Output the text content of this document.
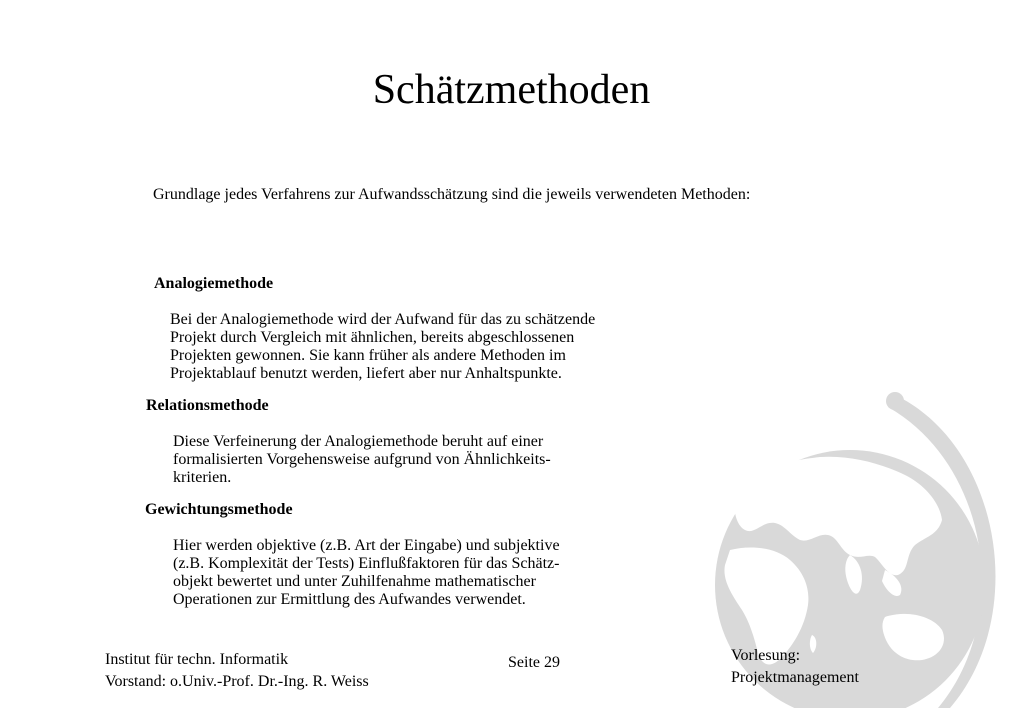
Schätzmethoden
Grundlage jedes Verfahrens zur Aufwandsschätzung sind die jeweils verwendeten Methoden:
Analogiemethode
Bei der Analogiemethode wird der Aufwand für das zu schätzende
Projekt durch Vergleich mit ähnlichen, bereits abgeschlossenen
Projekten gewonnen. Sie kann früher als andere Methoden im
Projektablauf benutzt werden, liefert aber nur Anhaltspunkte.
Relationsmethode
Diese Verfeinerung der Analogiemethode beruht auf einer
formalisierten Vorgehensweise aufgrund von Ähnlichkeits-
kriterien.
Gewichtungsmethode
Hier werden objektive (z.B. Art der Eingabe) und subjektive
(z.B. Komplexität der Tests) Einflußfaktoren für das Schätz-
objekt bewertet und unter Zuhilfenahme mathematischer
Operationen zur Ermittlung des Aufwandes verwendet.
Institut für techn. Informatik
Vorstand: o.Univ.-Prof. Dr.-Ing. R. Weiss
Seite 29	Vorlesung:
Projektmanagement
